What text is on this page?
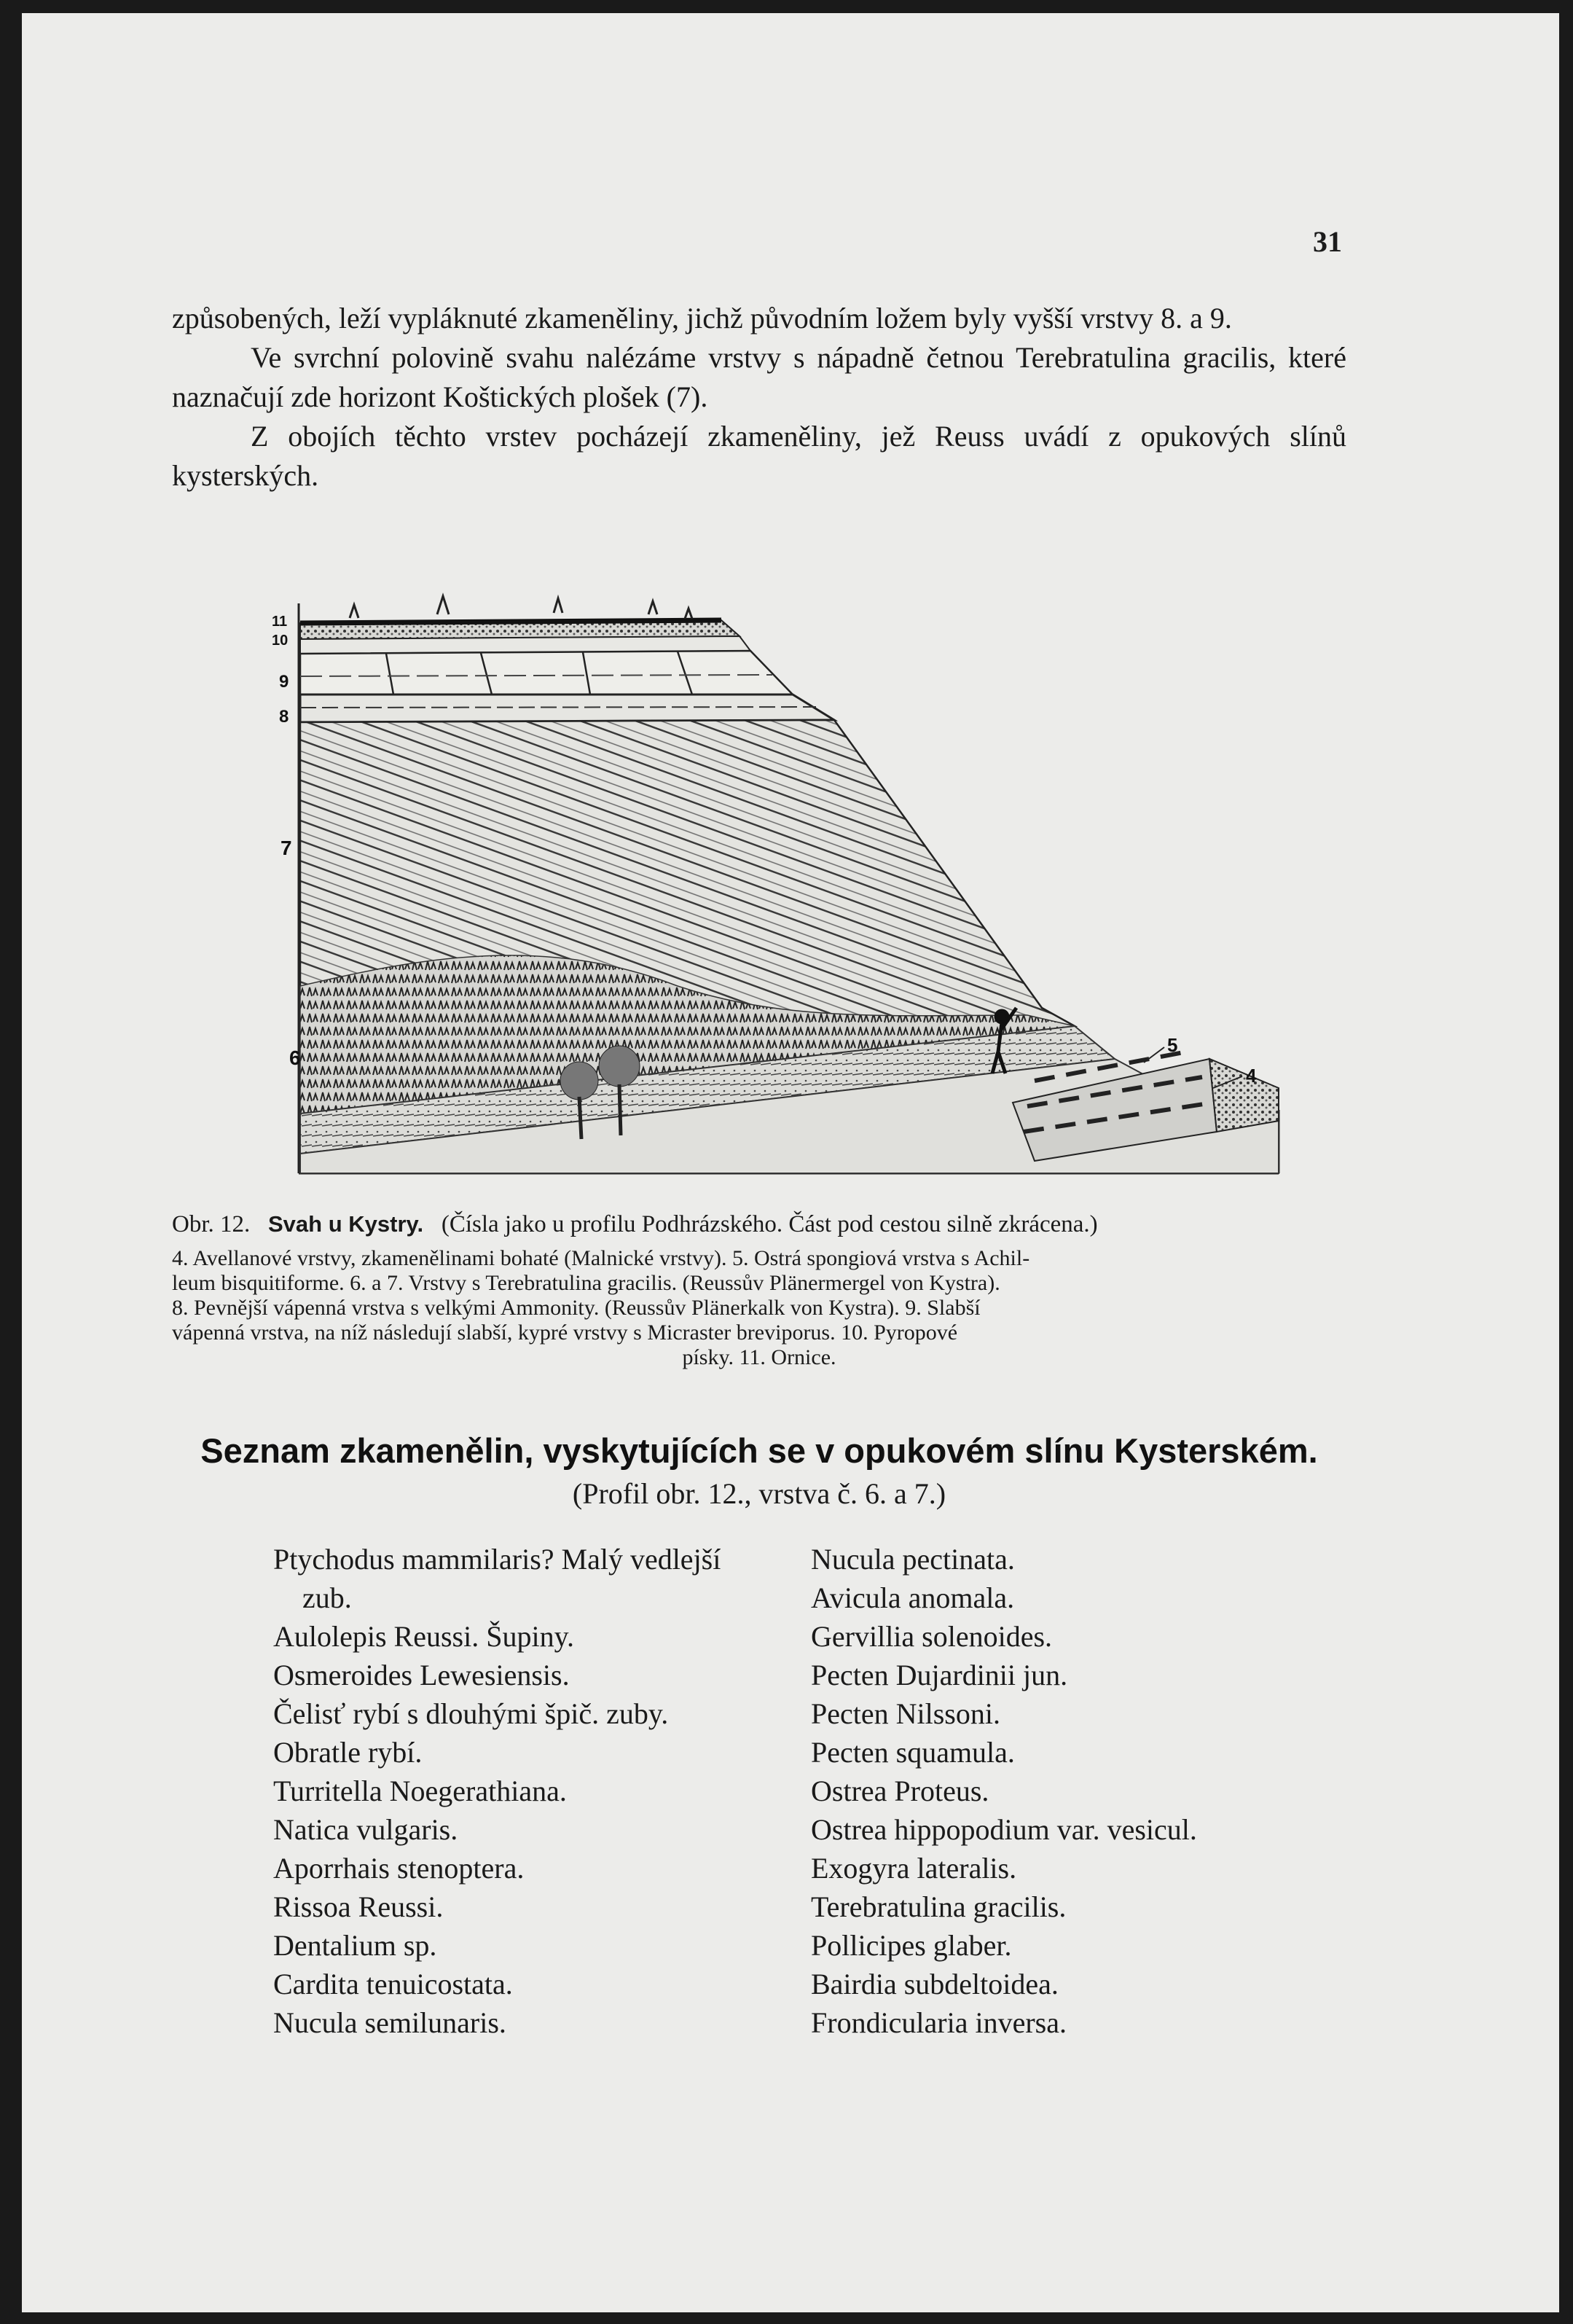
31

způsobených, leží vypláknuté zkameněliny, jichž původním ložem byly vyšší vrstvy 8. a 9.

Ve svrchní polovině svahu nalézáme vrstvy s nápadně četnou Terebratulina gracilis, které naznačují zde horizont Koštických plošek (7).

Z obojích těchto vrstev pocházejí zkameněliny, jež Reuss uvádí z opukových slínů kysterských.

11
10
9
8
7
6
5
4
Obr. 12. Svah u Kystry. (Čísla jako u profilu Podhrázského. Část pod cestou silně zkrácena.)
4. Avellanové vrstvy, zkamenělinami bohaté (Malnické vrstvy). 5. Ostrá spongiová vrstva s Achil-
leum bisquitiforme. 6. a 7. Vrstvy s Terebratulina gracilis. (Reussův Plänermergel von Kystra).
8. Pevnější vápenná vrstva s velkými Ammonity. (Reussův Plänerkalk von Kystra). 9. Slabší
vápenná vrstva, na níž následují slabší, kypré vrstvy s Micraster breviporus. 10. Pyropové
písky. 11. Ornice.
Seznam zkamenělin, vyskytujících se v opukovém slínu Kysterském.
(Profil obr. 12., vrstva č. 6. a 7.)
Ptychodus mammilaris? Malý vedlejší
zub.
Aulolepis Reussi. Šupiny.
Osmeroides Lewesiensis.
Čelisť rybí s dlouhými špič. zuby.
Obratle rybí.
Turritella Noegerathiana.
Natica vulgaris.
Aporrhais stenoptera.
Rissoa Reussi.
Dentalium sp.
Cardita tenuicostata.
Nucula semilunaris.
Nucula pectinata.
Avicula anomala.
Gervillia solenoides.
Pecten Dujardinii jun.
Pecten Nilssoni.
Pecten squamula.
Ostrea Proteus.
Ostrea hippopodium var. vesicul.
Exogyra lateralis.
Terebratulina gracilis.
Pollicipes glaber.
Bairdia subdeltoidea.
Frondicularia inversa.
